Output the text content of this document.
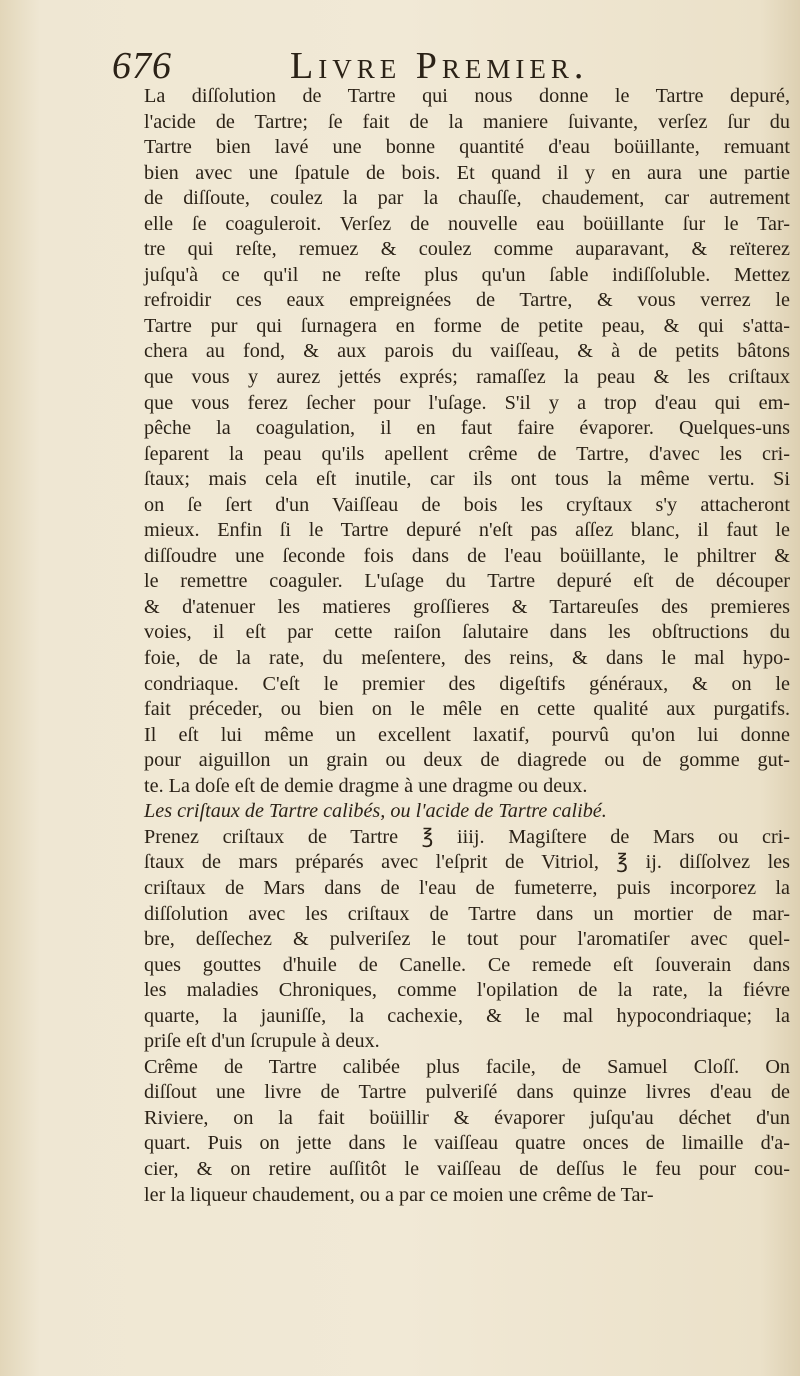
676	Livre Premier.

La diſſolution de Tartre qui nous donne le Tartre depuré,
l'acide de Tartre; ſe fait de la maniere ſuivante, verſez ſur du
Tartre bien lavé une bonne quantité d'eau boüillante, remuant
bien avec une ſpatule de bois. Et quand il y en aura une partie
de diſſoute, coulez la par la chauſſe, chaudement, car autrement
elle ſe coaguleroit. Verſez de nouvelle eau boüillante ſur le Tar-
tre qui reſte, remuez & coulez comme auparavant, & reïterez
juſqu'à ce qu'il ne reſte plus qu'un ſable indiſſoluble. Mettez
refroidir ces eaux empreignées de Tartre, & vous verrez le
Tartre pur qui ſurnagera en forme de petite peau, & qui s'atta-
chera au fond, & aux parois du vaiſſeau, & à de petits bâtons
que vous y aurez jettés exprés; ramaſſez la peau & les criſtaux
que vous ferez ſecher pour l'uſage. S'il y a trop d'eau qui em-
pêche la coagulation, il en faut faire évaporer. Quelques-uns
ſeparent la peau qu'ils apellent crême de Tartre, d'avec les cri-
ſtaux; mais cela eſt inutile, car ils ont tous la même vertu. Si
on ſe ſert d'un Vaiſſeau de bois les cryſtaux s'y attacheront
mieux. Enfin ſi le Tartre depuré n'eſt pas aſſez blanc, il faut le
diſſoudre une ſeconde fois dans de l'eau boüillante, le philtrer &
le remettre coaguler. L'uſage du Tartre depuré eſt de découper
& d'atenuer les matieres groſſieres & Tartareuſes des premieres
voies, il eſt par cette raiſon ſalutaire dans les obſtructions du
foie, de la rate, du meſentere, des reins, & dans le mal hypo-
condriaque. C'eſt le premier des digeſtifs généraux, & on le
fait préceder, ou bien on le mêle en cette qualité aux purgatifs.
Il eſt lui même un excellent laxatif, pourvû qu'on lui donne
pour aiguillon un grain ou deux de diagrede ou de gomme gut-
te. La doſe eſt de demie dragme à une dragme ou deux.

Les criſtaux de Tartre calibés, ou l'acide de Tartre calibé.

Prenez criſtaux de Tartre ℥ iiij. Magiſtere de Mars ou cri-
ſtaux de mars préparés avec l'eſprit de Vitriol, ℥ ij. diſſolvez les
criſtaux de Mars dans de l'eau de fumeterre, puis incorporez la
diſſolution avec les criſtaux de Tartre dans un mortier de mar-
bre, deſſechez & pulveriſez le tout pour l'aromatiſer avec quel-
ques gouttes d'huile de Canelle. Ce remede eſt ſouverain dans
les maladies Chroniques, comme l'opilation de la rate, la fiévre
quarte, la jauniſſe, la cachexie, & le mal hypocondriaque; la
priſe eſt d'un ſcrupule à deux.

Crême de Tartre calibée plus facile, de Samuel Cloſſ. On
diſſout une livre de Tartre pulveriſé dans quinze livres d'eau de
Riviere, on la fait boüillir & évaporer juſqu'au déchet d'un
quart. Puis on jette dans le vaiſſeau quatre onces de limaille d'a-
cier, & on retire auſſitôt le vaiſſeau de deſſus le feu pour cou-
ler la liqueur chaudement, ou a par ce moien une crême de Tar-
